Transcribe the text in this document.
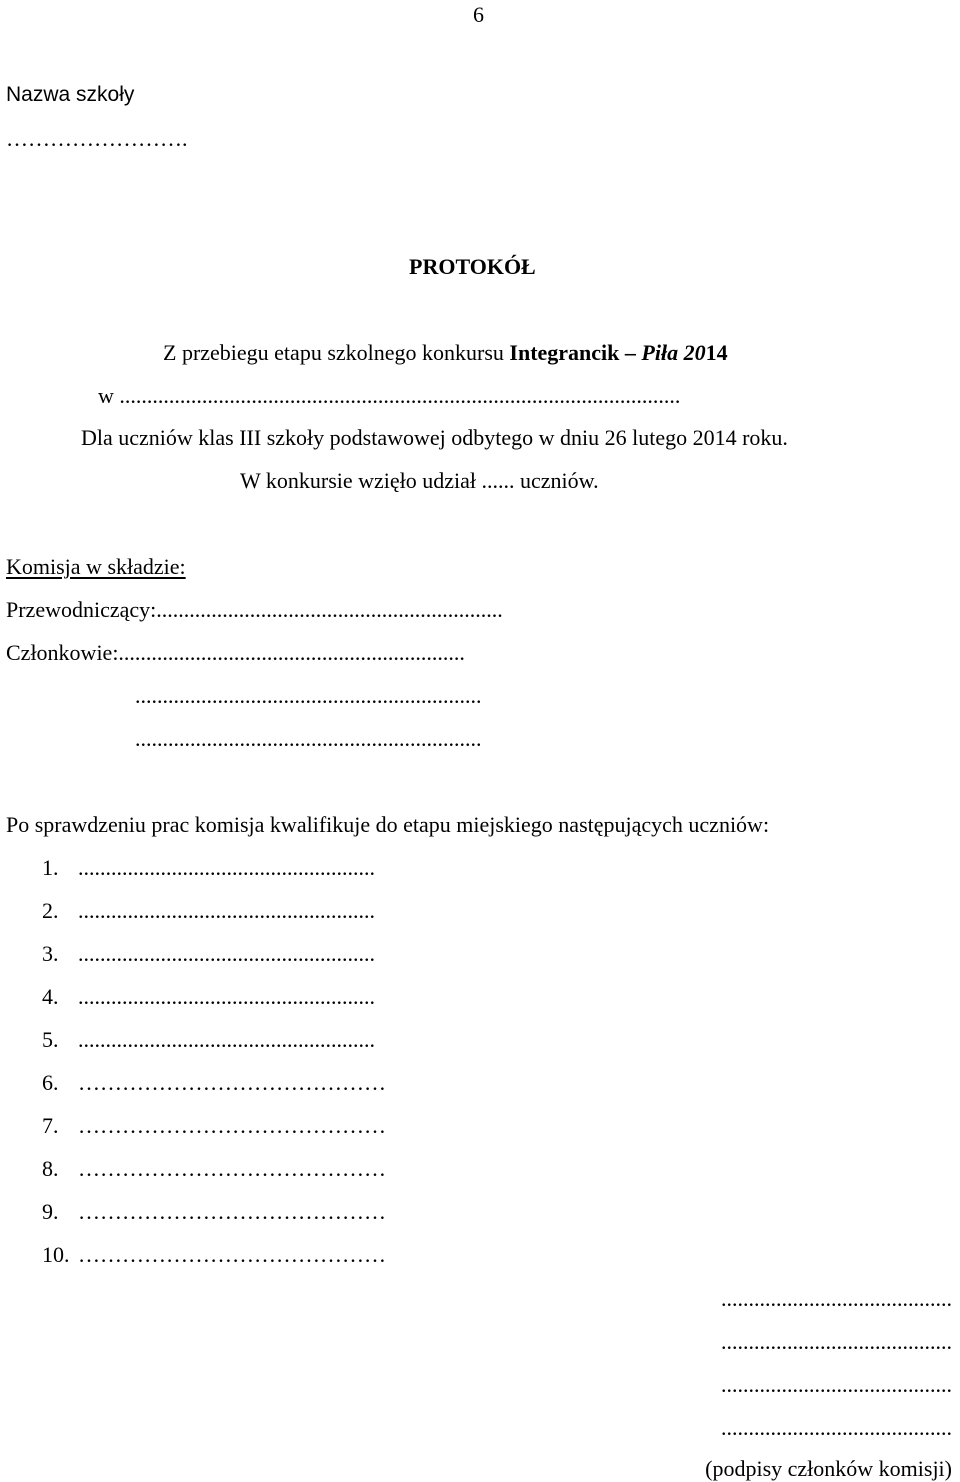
6
Nazwa szkoły
…………………….
PROTOKÓŁ
Z przebiegu etapu szkolnego konkursu Integrancik – Piła 2014
w ......................................................................................................
Dla uczniów klas III szkoły podstawowej odbytego w dniu 26 lutego 2014 roku.
W konkursie wzięło udział ...... uczniów.
Komisja w składzie:
Przewodniczący:...............................................................
Członkowie:...............................................................
...............................................................
...............................................................
Po sprawdzeniu prac komisja kwalifikuje do etapu miejskiego następujących uczniów:
1. ......................................................
2. ......................................................
3. ......................................................
4. ......................................................
5. ......................................................
6. ……………………………………
7. ……………………………………
8. ……………………………………
9. ……………………………………
10. ……………………………………
..........................................
..........................................
..........................................
..........................................
(podpisy członków komisji)
